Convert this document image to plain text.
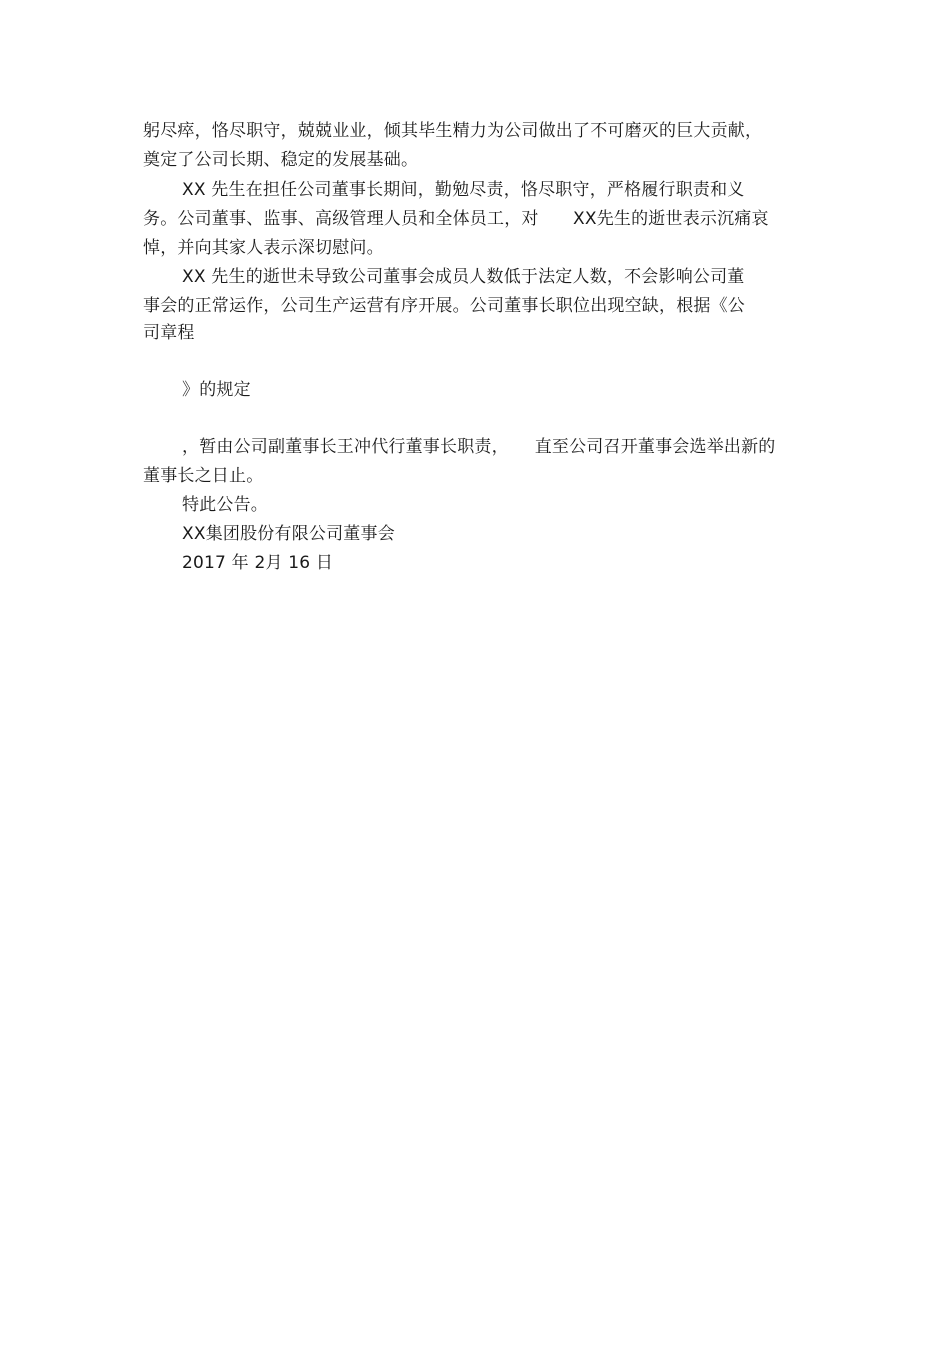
躬尽瘁，恪尽职守，兢兢业业，倾其毕生精力为公司做出了不可磨灭的巨大贡献，
奠定了公司长期、稳定的发展基础。
XX 先生在担任公司董事长期间，勤勉尽责，恪尽职守，严格履行职责和义
务。公司董事、监事、高级管理人员和全体员工，对　　XX先生的逝世表示沉痛哀
悼，并向其家人表示深切慰问。
XX 先生的逝世未导致公司董事会成员人数低于法定人数，不会影响公司董
事会的正常运作，公司生产运营有序开展。公司董事长职位出现空缺，根据《公
司章程
》的规定
，暂由公司副董事长王冲代行董事长职责，　　直至公司召开董事会选举出新的
董事长之日止。
特此公告。
XX集团股份有限公司董事会
2017 年 2月 16 日
